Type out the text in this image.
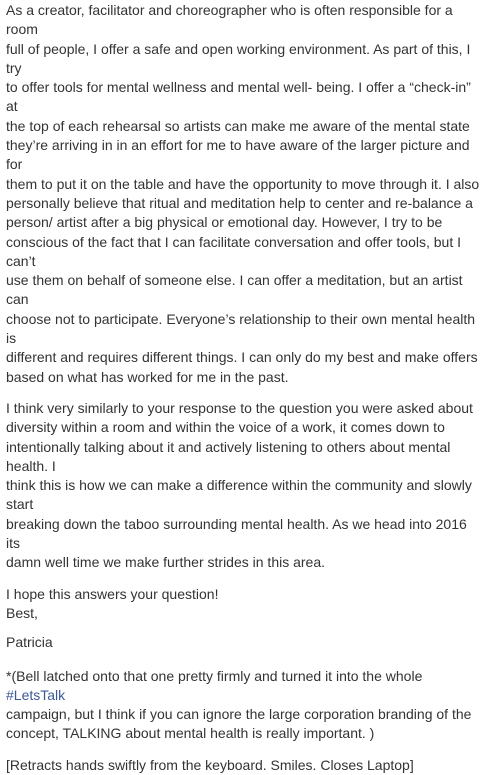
As a creator, facilitator and choreographer who is often responsible for a room
full of people, I offer a safe and open working environment. As part of this, I try
to offer tools for mental wellness and mental well- being. I offer a “check-in” at
the top of each rehearsal so artists can make me aware of the mental state
they’re arriving in in an effort for me to have aware of the larger picture and for
them to put it on the table and have the opportunity to move through it. I also
personally believe that ritual and meditation help to center and re-balance a
person/ artist after a big physical or emotional day. However, I try to be
conscious of the fact that I can facilitate conversation and offer tools, but I can’t
use them on behalf of someone else. I can offer a meditation, but an artist can
choose not to participate. Everyone’s relationship to their own mental health is
different and requires different things. I can only do my best and make offers
based on what has worked for me in the past.

I think very similarly to your response to the question you were asked about
diversity within a room and within the voice of a work, it comes down to
intentionally talking about it and actively listening to others about mental health. I
think this is how we can make a difference within the community and slowly start
breaking down the taboo surrounding mental health. As we head into 2016 its
damn well time we make further strides in this area.

I hope this answers your question!
Best,

Patricia

*(Bell latched onto that one pretty firmly and turned it into the whole #LetsTalk
campaign, but I think if you can ignore the large corporation branding of the
concept, TALKING about mental health is really important. )

[Retracts hands swiftly from the keyboard. Smiles. Closes Laptop]
